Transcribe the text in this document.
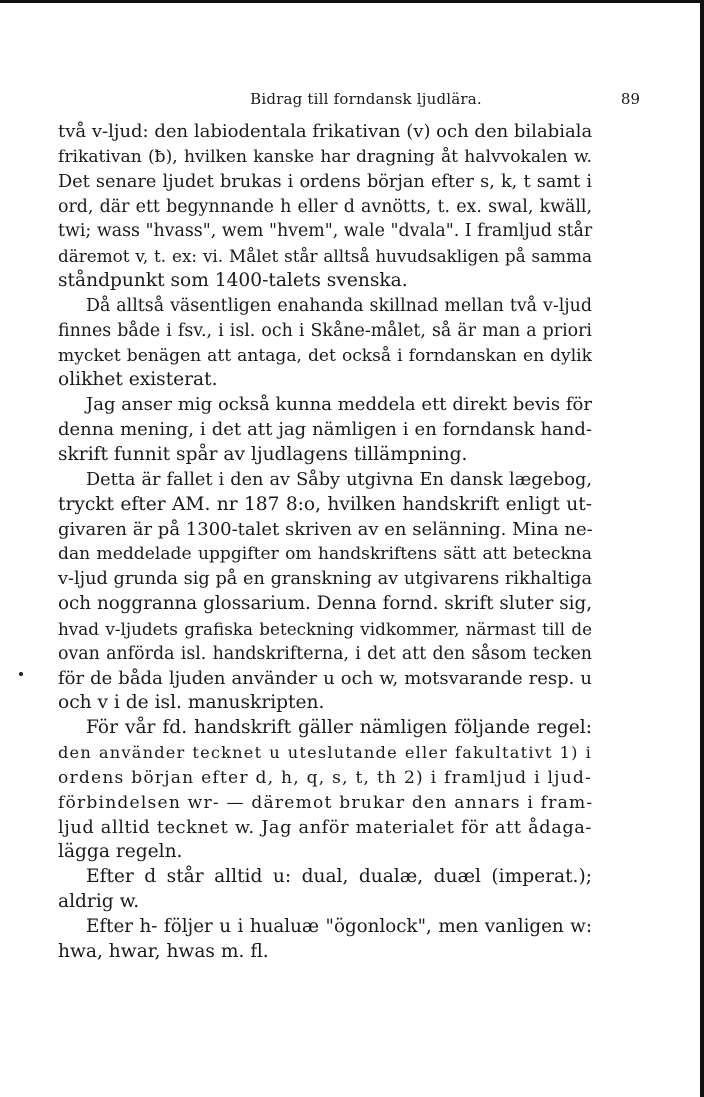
Bidrag till forndansk ljudlära.	89
två v-ljud: den labiodentala frikativan (v) och den bilabiala
frikativan (ƀ), hvilken kanske har dragning åt halvvokalen w.
Det senare ljudet brukas i ordens början efter s, k, t samt i
ord, där ett begynnande h eller d avnötts, t. ex. swal, kwäll,
twi; wass "hvass", wem "hvem", wale "dvala". I framljud står
däremot v, t. ex: vi. Målet står alltså huvudsakligen på samma
ståndpunkt som 1400-talets svenska.
Då alltså väsentligen enahanda skillnad mellan två v-ljud
finnes både i fsv., i isl. och i Skåne-målet, så är man a priori
mycket benägen att antaga, det också i forndanskan en dylik
olikhet existerat.
Jag anser mig också kunna meddela ett direkt bevis för
denna mening, i det att jag nämligen i en forndansk hand-
skrift funnit spår av ljudlagens tillämpning.
Detta är fallet i den av Såby utgivna En dansk lægebog,
tryckt efter AM. nr 187 8:o, hvilken handskrift enligt ut-
givaren är på 1300-talet skriven av en selänning. Mina ne-
dan meddelade uppgifter om handskriftens sätt att beteckna
v-ljud grunda sig på en granskning av utgivarens rikhaltiga
och noggranna glossarium. Denna fornd. skrift sluter sig,
hvad v-ljudets grafiska beteckning vidkommer, närmast till de
ovan anförda isl. handskrifterna, i det att den såsom tecken
för de båda ljuden använder u och w, motsvarande resp. u
och v i de isl. manuskripten.
För vår fd. handskrift gäller nämligen följande regel:
den använder tecknet u uteslutande eller fakultativt 1) i
ordens början efter d, h, q, s, t, th 2) i framljud i ljud-
förbindelsen wr- — däremot brukar den annars i fram-
ljud alltid tecknet w. Jag anför materialet för att ådaga-
lägga regeln.
Efter d står alltid u: dual, dualæ, duæl (imperat.);
aldrig w.
Efter h- följer u i hualuæ "ögonlock", men vanligen w:
hwa, hwar, hwas m. fl.
